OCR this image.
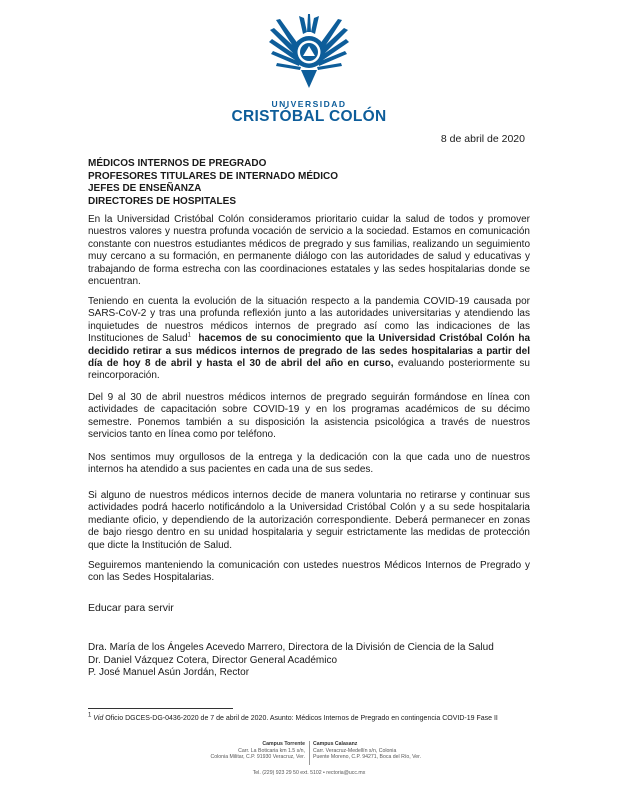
UNIVERSIDAD
CRISTÓBAL COLÓN
8 de abril de 2020
MÉDICOS INTERNOS DE PREGRADO
PROFESORES TITULARES DE INTERNADO MÉDICO
JEFES DE ENSEÑANZA
DIRECTORES DE HOSPITALES
En la Universidad Cristóbal Colón consideramos prioritario cuidar la salud de todos y promover nuestros valores y nuestra profunda vocación de servicio a la sociedad. Estamos en comunicación constante con nuestros estudiantes médicos de pregrado y sus familias, realizando un seguimiento muy cercano a su formación, en permanente diálogo con las autoridades de salud y educativas y trabajando de forma estrecha con las coordinaciones estatales y las sedes hospitalarias donde se encuentran.
Teniendo en cuenta la evolución de la situación respecto a la pandemia COVID-19 causada por SARS-CoV-2 y tras una profunda reflexión junto a las autoridades universitarias y atendiendo las inquietudes de nuestros médicos internos de pregrado así como las indicaciones de las Instituciones de Salud$^1$ hacemos de su conocimiento que la Universidad Cristóbal Colón ha decidido retirar a sus médicos internos de pregrado de las sedes hospitalarias a partir del día de hoy 8 de abril y hasta el 30 de abril del año en curso, evaluando posteriormente su reincorporación.
Del 9 al 30 de abril nuestros médicos internos de pregrado seguirán formándose en línea con actividades de capacitación sobre COVID-19 y en los programas académicos de su décimo semestre. Ponemos también a su disposición la asistencia psicológica a través de nuestros servicios tanto en línea como por teléfono.
Nos sentimos muy orgullosos de la entrega y la dedicación con la que cada uno de nuestros internos ha atendido a sus pacientes en cada una de sus sedes.
Si alguno de nuestros médicos internos decide de manera voluntaria no retirarse y continuar sus actividades podrá hacerlo notificándolo a la Universidad Cristóbal Colón y a su sede hospitalaria mediante oficio, y dependiendo de la autorización correspondiente. Deberá permanecer en zonas de bajo riesgo dentro en su unidad hospitalaria y seguir estrictamente las medidas de protección que dicte la Institución de Salud.
Seguiremos manteniendo la comunicación con ustedes nuestros Médicos Internos de Pregrado y con las Sedes Hospitalarias.
Educar para servir
Dra. María de los Ángeles Acevedo Marrero, Directora de la División de Ciencia de la Salud
Dr. Daniel Vázquez Cotera, Director General Académico
P. José Manuel Asún Jordán, Rector
1 Vid Oficio DGCES-DG-0436-2020 de 7 de abril de 2020. Asunto: Médicos Internos de Pregrado en contingencia COVID-19 Fase II
Campus Torrente
Carr. La Boticaria km 1.5 s/n,
Colonia Militar, C.P. 91930 Veracruz, Ver.
Campus Calasanz
Carr. Veracruz-Medellín s/n, Colonia
Puente Moreno, C.P. 94271, Boca del Río, Ver.
Tel. (229) 923 29 50 ext. 5102 • rectoria@ucc.mx
